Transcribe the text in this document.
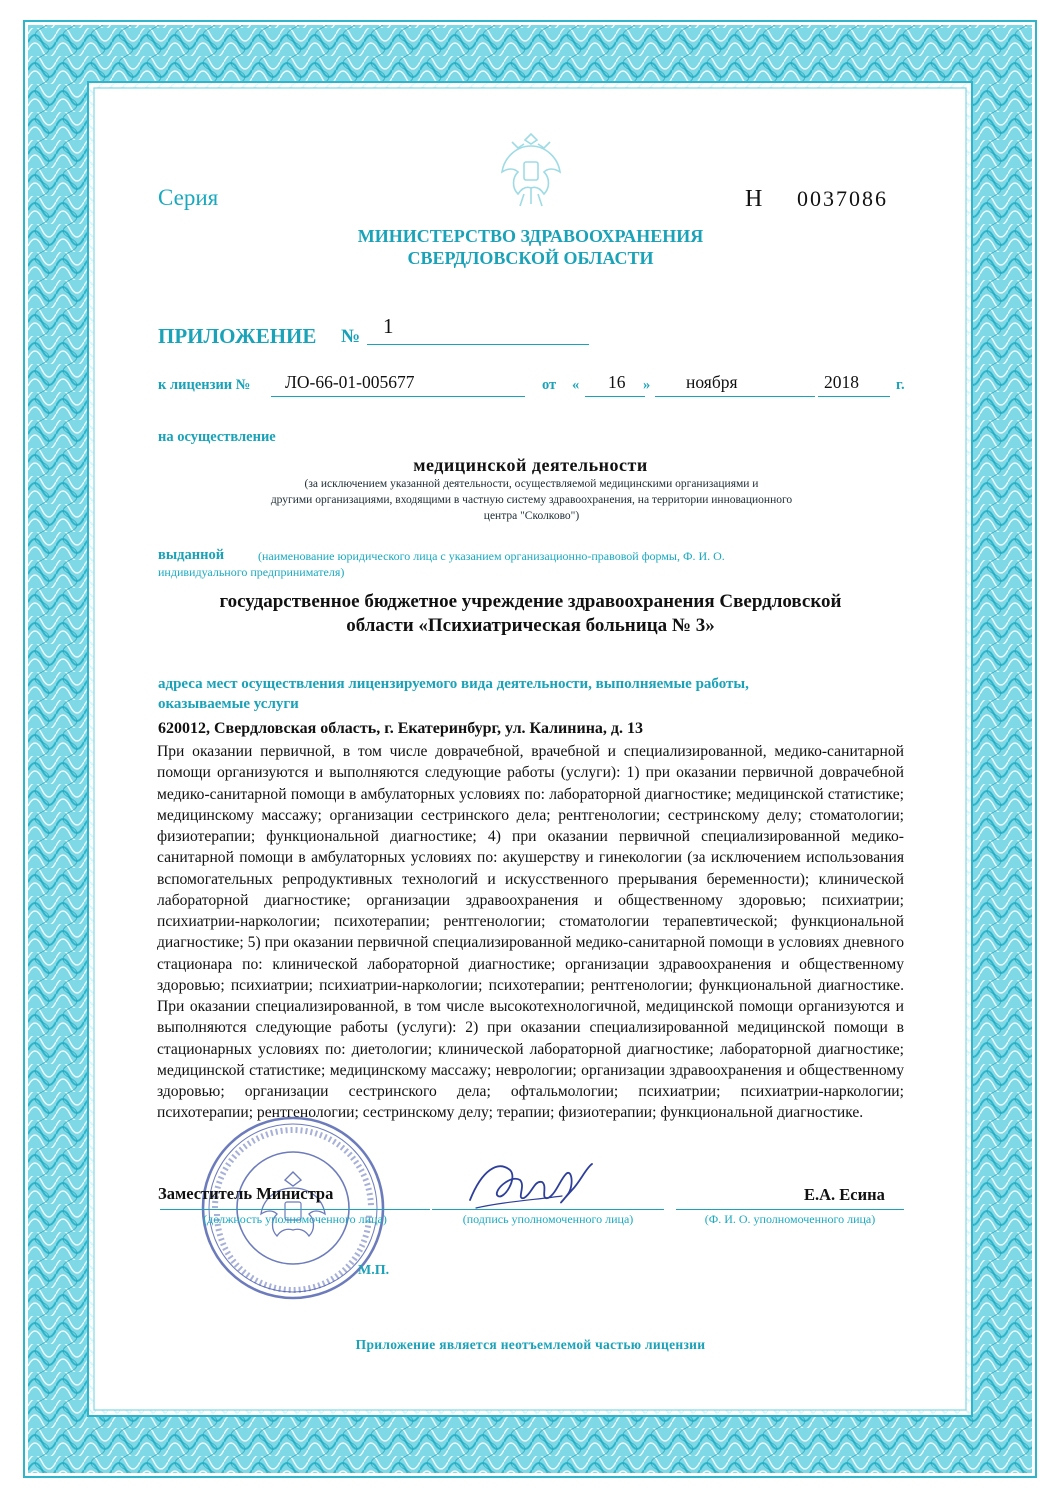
Серия	Н 0037086

МИНИСТЕРСТВО ЗДРАВООХРАНЕНИЯ

СВЕРДЛОВСКОЙ ОБЛАСТИ

ПРИЛОЖЕНИЕ № 1

к лицензии № ЛО-66-01-005677	от « 16 » ноября	2018	г.

на осуществление

медицинской деятельности

(за исключением указанной деятельности, осуществляемой медицинскими организациями и

другими организациями, входящими в частную систему здравоохранения, на территории инновационного

центра "Сколково")

выданной	(наименование юридического лица с указанием организационно-правовой формы, Ф. И. О.

индивидуального предпринимателя)

государственное бюджетное учреждение здравоохранения Свердловской

области «Психиатрическая больница № 3»

адреса мест осуществления лицензируемого вида деятельности, выполняемые работы,

оказываемые услуги

620012, Свердловская область, г. Екатеринбург, ул. Калинина, д. 13

При оказании первичной, в том числе доврачебной, врачебной и специализированной, медико-санитарной помощи организуются и выполняются следующие работы (услуги): 1) при оказании первичной доврачебной медико-санитарной помощи в амбулаторных условиях по: лабораторной диагностике; медицинской статистике; медицинскому массажу; организации сестринского дела; рентгенологии; сестринскому делу; стоматологии; физиотерапии; функциональной диагностике; 4) при оказании первичной специализированной медико-санитарной помощи в амбулаторных условиях по: акушерству и гинекологии (за исключением использования вспомогательных репродуктивных технологий и искусственного прерывания беременности); клинической лабораторной диагностике; организации здравоохранения и общественному здоровью; психиатрии; психиатрии-наркологии; психотерапии; рентгенологии; стоматологии терапевтической; функциональной диагностике; 5) при оказании первичной специализированной медико-санитарной помощи в условиях дневного стационара по: клинической лабораторной диагностике; организации здравоохранения и общественному здоровью; психиатрии; психиатрии-наркологии; психотерапии; рентгенологии; функциональной диагностике. При оказании специализированной, в том числе высокотехнологичной, медицинской помощи организуются и выполняются следующие работы (услуги): 2) при оказании специализированной медицинской помощи в стационарных условиях по: диетологии; клинической лабораторной диагностике; лабораторной диагностике; медицинской статистике; медицинскому массажу; неврологии; организации здравоохранения и общественному здоровью; организации сестринского дела; офтальмологии; психиатрии; психиатрии-наркологии; психотерапии; рентгенологии; сестринскому делу; терапии; физиотерапии; функциональной диагностике.

Заместитель Министра	Е.А. Есина

(должность уполномоченного лица)	(подпись уполномоченного лица)	(Ф. И. О. уполномоченного лица)

М.П.

Приложение является неотъемлемой частью лицензии
